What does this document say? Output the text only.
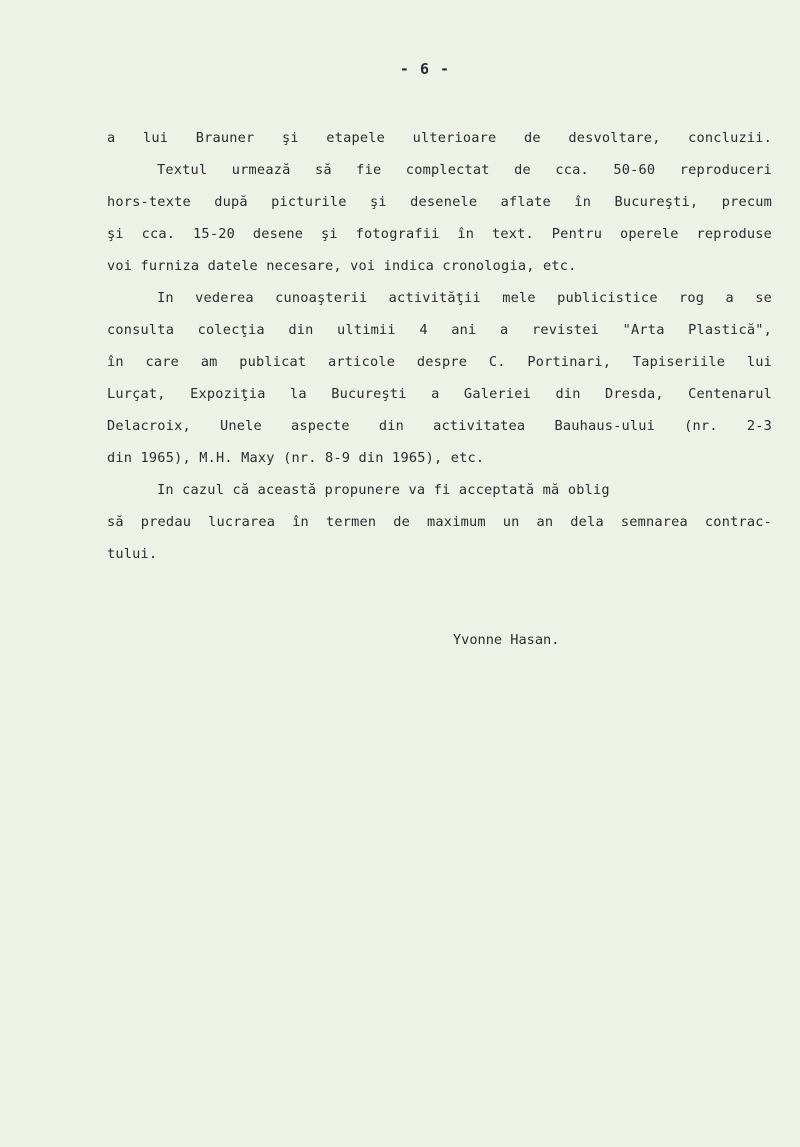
- 6 -
a lui Brauner şi etapele ulterioare de desvoltare, concluzii.
Textul urmează să fie complectat de cca. 50-60 reproduceri
hors-texte după picturile şi desenele aflate în Bucureşti, precum
şi cca. 15-20 desene şi fotografii în text. Pentru operele reproduse
voi furniza datele necesare, voi indica cronologia, etc.
In vederea cunoaşterii activităţii mele publicistice rog a se
consulta colecţia din ultimii 4 ani a revistei "Arta Plastică",
în care am publicat articole despre C. Portinari, Tapiseriile lui
Lurçat, Expoziţia la Bucureşti a Galeriei din Dresda, Centenarul
Delacroix, Unele aspecte din activitatea Bauhaus-ului (nr. 2-3
din 1965), M.H. Maxy (nr. 8-9 din 1965), etc.
In cazul că această propunere va fi acceptată mă oblig
să predau lucrarea în termen de maximum un an dela semnarea contrac-
tului.
Yvonne Hasan.
